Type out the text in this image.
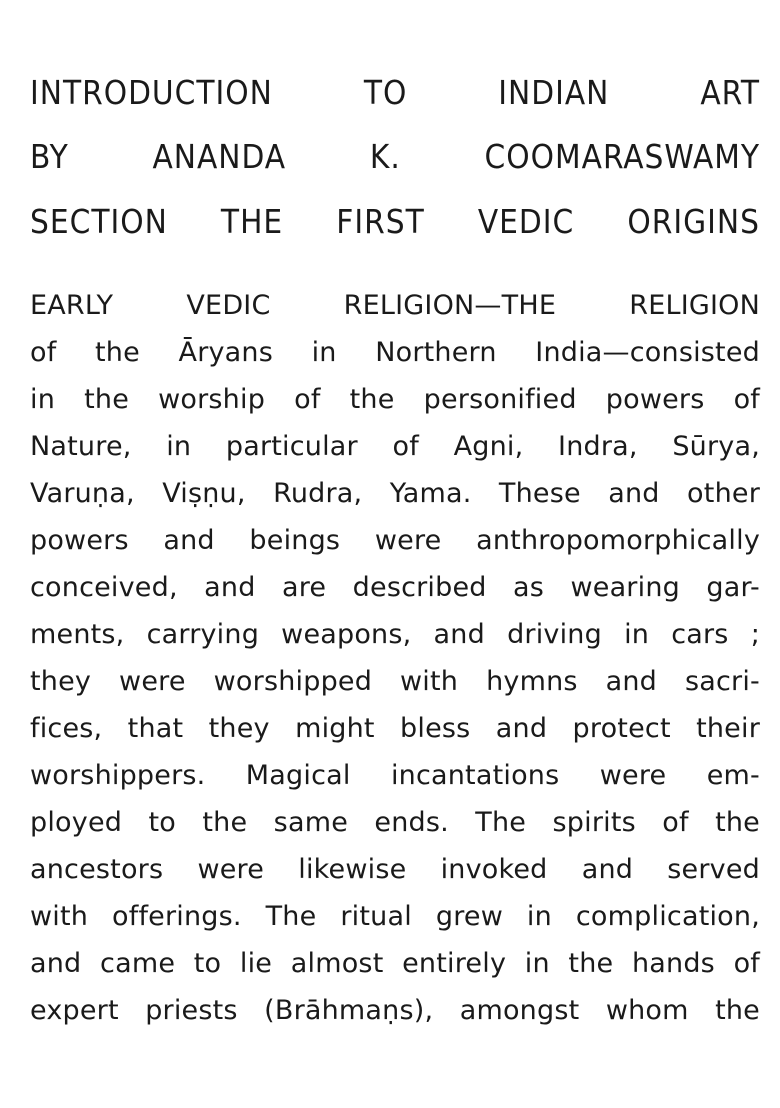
INTRODUCTION TO INDIAN ART
BY ANANDA K. COOMARASWAMY
SECTION THE FIRST VEDIC ORIGINS
EARLY VEDIC RELIGION—THE RELIGION
of the Āryans in Northern India—consisted
in the worship of the personified powers of
Nature, in particular of Agni, Indra, Sūrya,
Varuṇa, Viṣṇu, Rudra, Yama. These and other
powers and beings were anthropomorphically
conceived, and are described as wearing gar-
ments, carrying weapons, and driving in cars ;
they were worshipped with hymns and sacri-
fices, that they might bless and protect their
worshippers. Magical incantations were em-
ployed to the same ends. The spirits of the
ancestors were likewise invoked and served
with offerings. The ritual grew in complication,
and came to lie almost entirely in the hands of
expert priests (Brāhmaṇs), amongst whom the
